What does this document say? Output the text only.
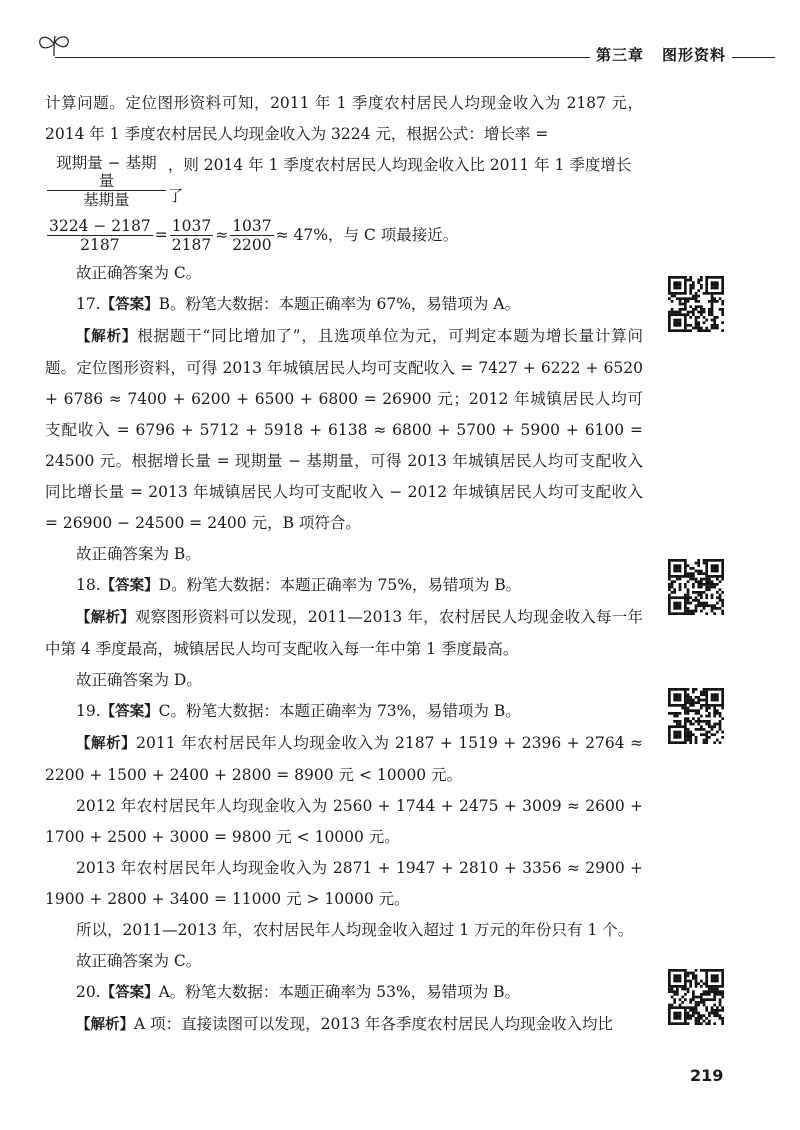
第三章 图形资料

计算问题。定位图形资料可知，2011 年 1 季度农村居民人均现金收入为 2187 元，2014 年 1 季度农村居民人均现金收入为 3224 元，根据公式：增长率 =

$\frac{\text{现期量 − 基期量}}{\text{基期量}}$ ，则 2014 年 1 季度农村居民人均现金收入比 2011 年 1 季度增长了
$\frac{3224 - 2187}{2187} = \frac{1037}{2187} \approx \frac{1037}{2200} \approx 47\%$，与 C 项最接近。

故正确答案为 C。

17.【答案】B。粉笔大数据：本题正确率为 67%，易错项为 A。

【解析】根据题干“同比增加了”，且选项单位为元，可判定本题为增长量计算问题。定位图形资料，可得 2013 年城镇居民人均可支配收入 = 7427 + 6222 + 6520 + 6786 ≈ 7400 + 6200 + 6500 + 6800 = 26900 元；2012 年城镇居民人均可支配收入 = 6796 + 5712 + 5918 + 6138 ≈ 6800 + 5700 + 5900 + 6100 = 24500 元。根据增长量 = 现期量 − 基期量，可得 2013 年城镇居民人均可支配收入同比增长量 = 2013 年城镇居民人均可支配收入 − 2012 年城镇居民人均可支配收入 = 26900 − 24500 = 2400 元，B 项符合。

故正确答案为 B。

18.【答案】D。粉笔大数据：本题正确率为 75%，易错项为 B。

【解析】观察图形资料可以发现，2011—2013 年，农村居民人均现金收入每一年中第 4 季度最高，城镇居民人均可支配收入每一年中第 1 季度最高。

故正确答案为 D。

19.【答案】C。粉笔大数据：本题正确率为 73%，易错项为 B。

【解析】2011 年农村居民年人均现金收入为 2187 + 1519 + 2396 + 2764 ≈ 2200 + 1500 + 2400 + 2800 = 8900 元 < 10000 元。

2012 年农村居民年人均现金收入为 2560 + 1744 + 2475 + 3009 ≈ 2600 + 1700 + 2500 + 3000 = 9800 元 < 10000 元。

2013 年农村居民年人均现金收入为 2871 + 1947 + 2810 + 3356 ≈ 2900 + 1900 + 2800 + 3400 = 11000 元 > 10000 元。

所以，2011—2013 年，农村居民年人均现金收入超过 1 万元的年份只有 1 个。

故正确答案为 C。

20.【答案】A。粉笔大数据：本题正确率为 53%，易错项为 B。

【解析】A 项：直接读图可以发现，2013 年各季度农村居民人均现金收入均比

219
